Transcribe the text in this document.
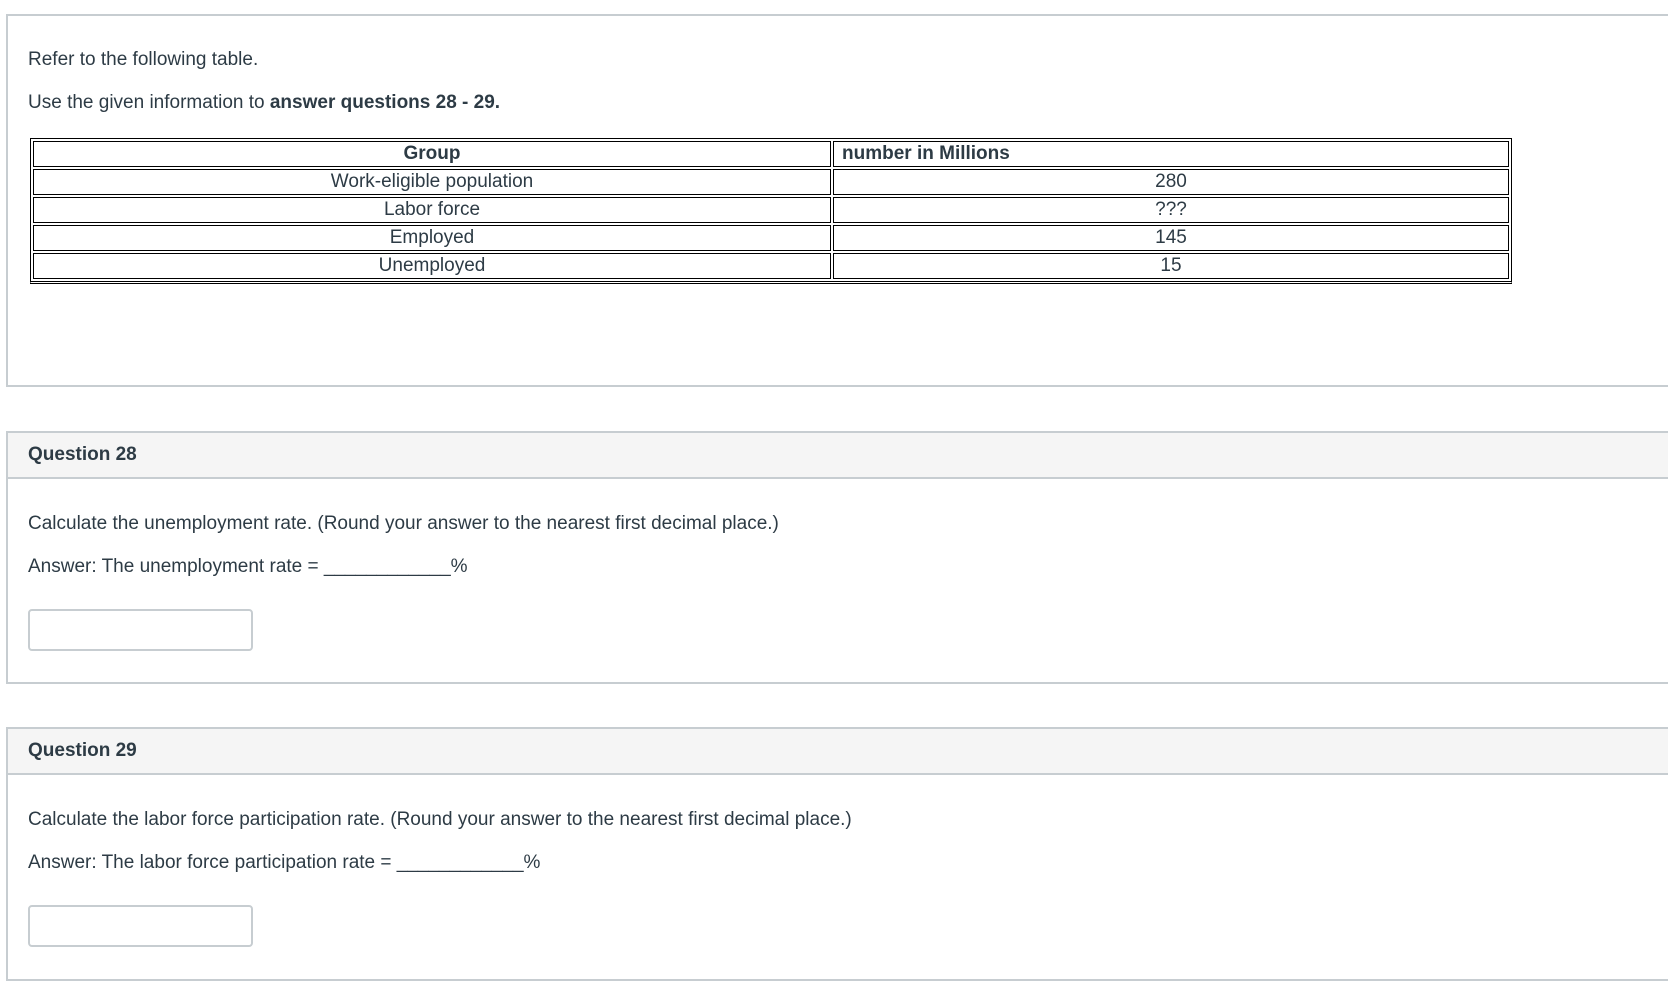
Refer to the following table.
Use the given information to answer questions 28 - 29.
Group	number in Millions
Work-eligible population	280
Labor force	???
Employed	145
Unemployed	15
Question 28
Calculate the unemployment rate. (Round your answer to the nearest first decimal place.)
Answer: The unemployment rate = ____________%
Question 29
Calculate the labor force participation rate. (Round your answer to the nearest first decimal place.)
Answer: The labor force participation rate = ____________%
